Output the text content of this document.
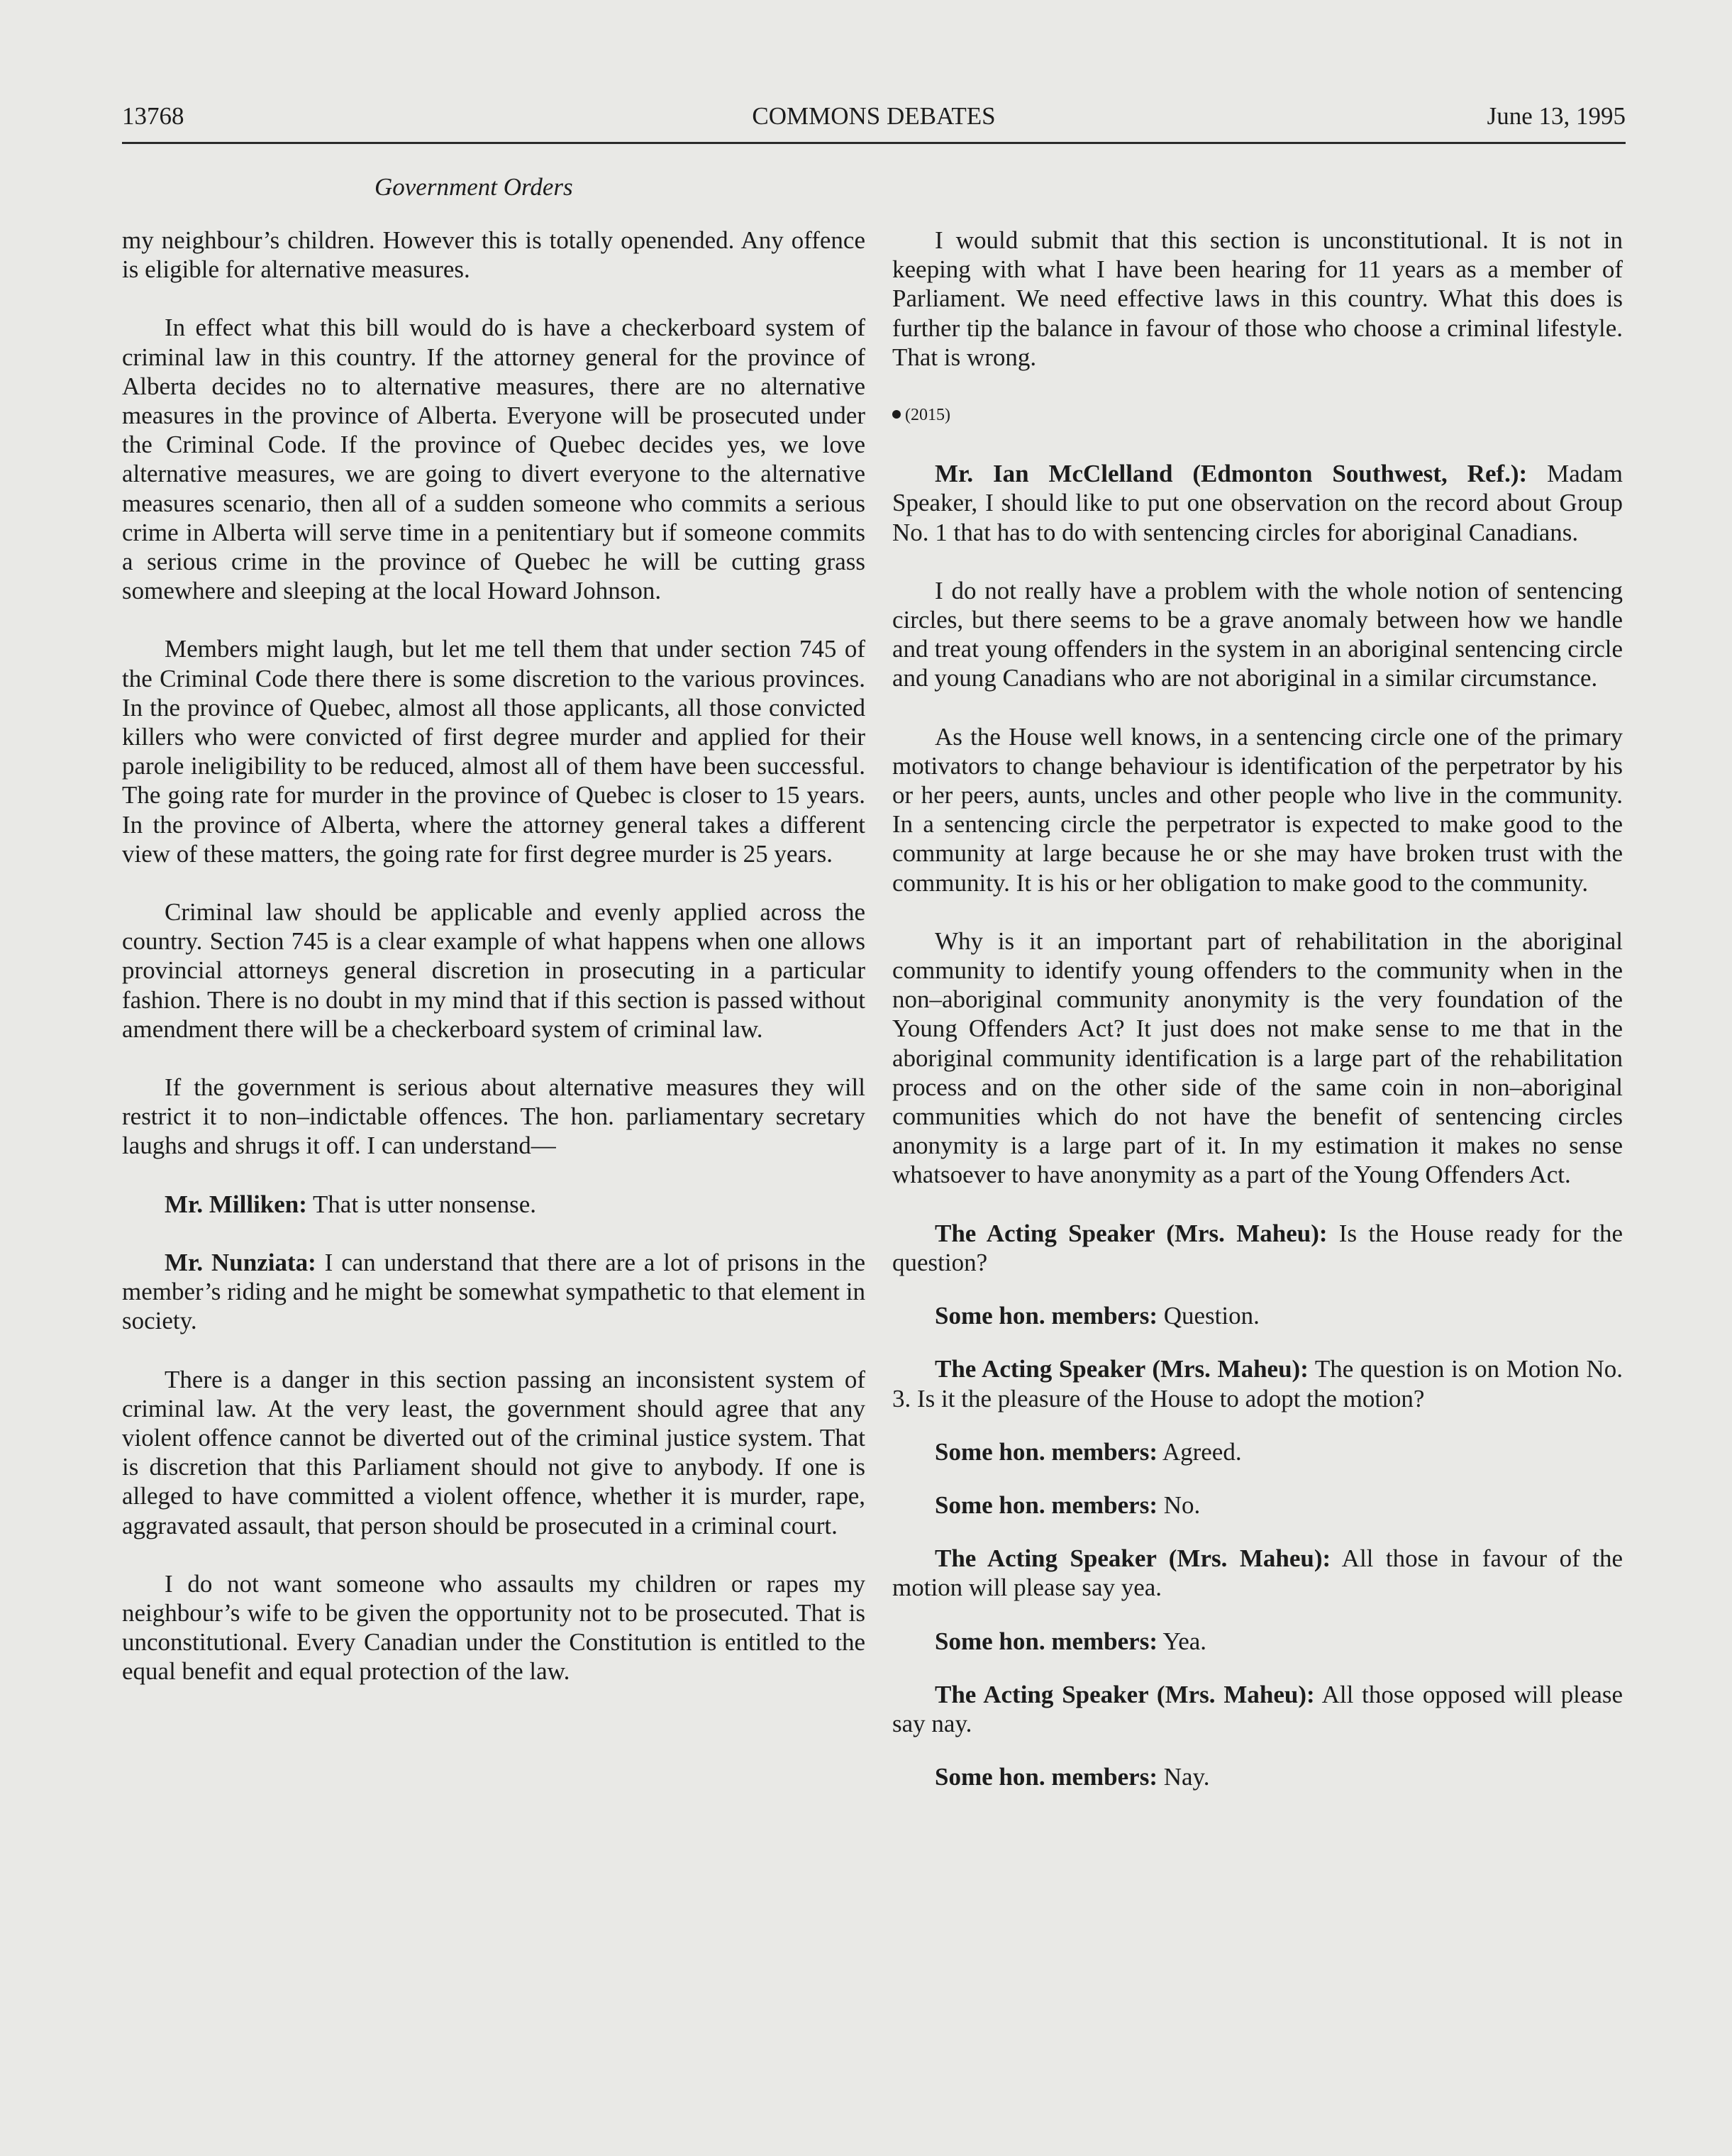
13768	COMMONS DEBATES	June 13, 1995
Government Orders

my neighbour’s children. However this is totally openended. Any offence is eligible for alternative measures.

In effect what this bill would do is have a checkerboard system of criminal law in this country. If the attorney general for the province of Alberta decides no to alternative measures, there are no alternative measures in the province of Alberta. Everyone will be prosecuted under the Criminal Code. If the province of Quebec decides yes, we love alternative measures, we are going to divert everyone to the alternative measures scenario, then all of a sudden someone who commits a serious crime in Alberta will serve time in a penitentiary but if someone commits a serious crime in the province of Quebec he will be cutting grass somewhere and sleeping at the local Howard Johnson.

Members might laugh, but let me tell them that under section 745 of the Criminal Code there there is some discretion to the various provinces. In the province of Quebec, almost all those applicants, all those convicted killers who were convicted of first degree murder and applied for their parole ineligibility to be reduced, almost all of them have been successful. The going rate for murder in the province of Quebec is closer to 15 years. In the province of Alberta, where the attorney general takes a different view of these matters, the going rate for first degree murder is 25 years.

Criminal law should be applicable and evenly applied across the country. Section 745 is a clear example of what happens when one allows provincial attorneys general discretion in prosecuting in a particular fashion. There is no doubt in my mind that if this section is passed without amendment there will be a checkerboard system of criminal law.

If the government is serious about alternative measures they will restrict it to non–indictable offences. The hon. parliamentary secretary laughs and shrugs it off. I can understand—

Mr. Milliken: That is utter nonsense.

Mr. Nunziata: I can understand that there are a lot of prisons in the member’s riding and he might be somewhat sympathetic to that element in society.

There is a danger in this section passing an inconsistent system of criminal law. At the very least, the government should agree that any violent offence cannot be diverted out of the criminal justice system. That is discretion that this Parliament should not give to anybody. If one is alleged to have committed a violent offence, whether it is murder, rape, aggravated assault, that person should be prosecuted in a criminal court.

I do not want someone who assaults my children or rapes my neighbour’s wife to be given the opportunity not to be prosecuted. That is unconstitutional. Every Canadian under the Constitution is entitled to the equal benefit and equal protection of the law.

I would submit that this section is unconstitutional. It is not in keeping with what I have been hearing for 11 years as a member of Parliament. We need effective laws in this country. What this does is further tip the balance in favour of those who choose a criminal lifestyle. That is wrong.

(2015)

Mr. Ian McClelland (Edmonton Southwest, Ref.): Madam Speaker, I should like to put one observation on the record about Group No. 1 that has to do with sentencing circles for aboriginal Canadians.

I do not really have a problem with the whole notion of sentencing circles, but there seems to be a grave anomaly between how we handle and treat young offenders in the system in an aboriginal sentencing circle and young Canadians who are not aboriginal in a similar circumstance.

As the House well knows, in a sentencing circle one of the primary motivators to change behaviour is identification of the perpetrator by his or her peers, aunts, uncles and other people who live in the community. In a sentencing circle the perpetrator is expected to make good to the community at large because he or she may have broken trust with the community. It is his or her obligation to make good to the community.

Why is it an important part of rehabilitation in the aboriginal community to identify young offenders to the community when in the non–aboriginal community anonymity is the very foundation of the Young Offenders Act? It just does not make sense to me that in the aboriginal community identification is a large part of the rehabilitation process and on the other side of the same coin in non–aboriginal communities which do not have the benefit of sentencing circles anonymity is a large part of it. In my estimation it makes no sense whatsoever to have anonymity as a part of the Young Offenders Act.

The Acting Speaker (Mrs. Maheu): Is the House ready for the question?

Some hon. members: Question.

The Acting Speaker (Mrs. Maheu): The question is on Motion No. 3. Is it the pleasure of the House to adopt the motion?

Some hon. members: Agreed.

Some hon. members: No.

The Acting Speaker (Mrs. Maheu): All those in favour of the motion will please say yea.

Some hon. members: Yea.

The Acting Speaker (Mrs. Maheu): All those opposed will please say nay.

Some hon. members: Nay.
